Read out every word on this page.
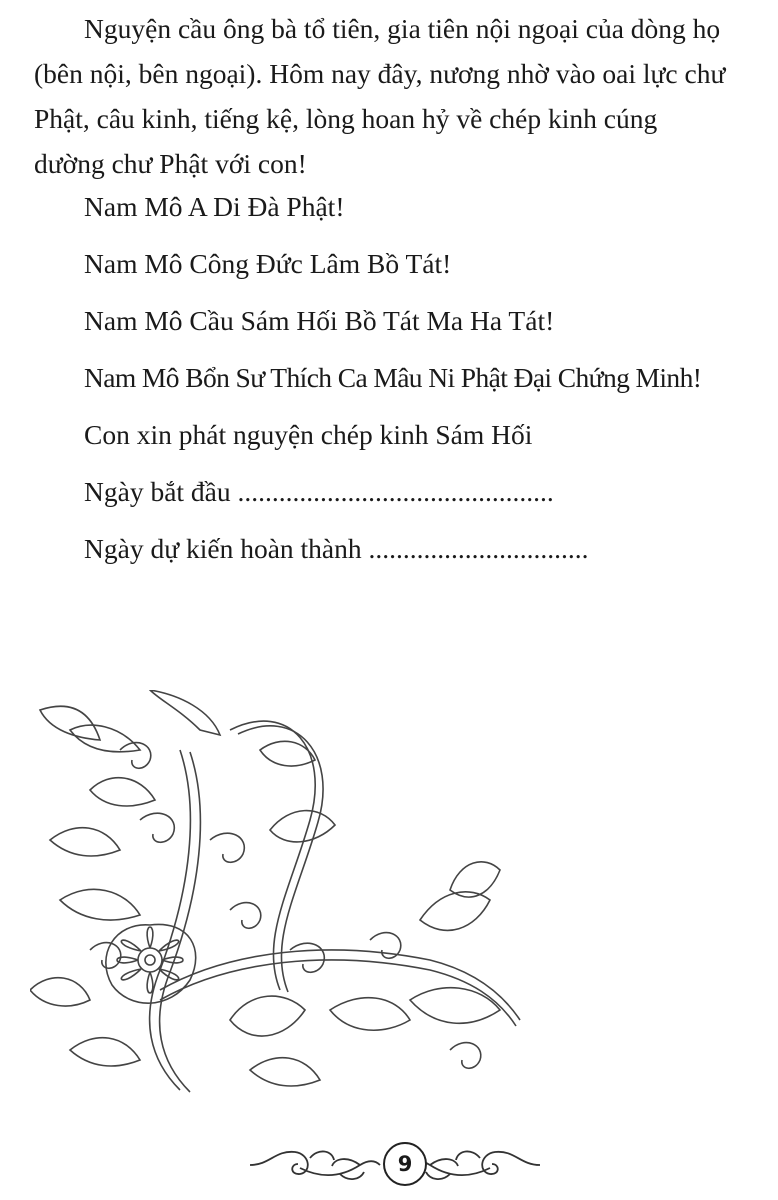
Nguyện cầu ông bà tổ tiên, gia tiên nội ngoại của dòng họ (bên nội, bên ngoại). Hôm nay đây, nương nhờ vào oai lực chư Phật, câu kinh, tiếng kệ, lòng hoan hỷ về chép kinh cúng dường chư Phật với con!

Nam Mô A Di Đà Phật!
Nam Mô Công Đức Lâm Bồ Tát!
Nam Mô Cầu Sám Hối Bồ Tát Ma Ha Tát!
Nam Mô Bổn Sư Thích Ca Mâu Ni Phật Đại Chứng Minh!
Con xin phát nguyện chép kinh Sám Hối
Ngày bắt đầu ..............................................
Ngày dự kiến hoàn thành ................................
9
